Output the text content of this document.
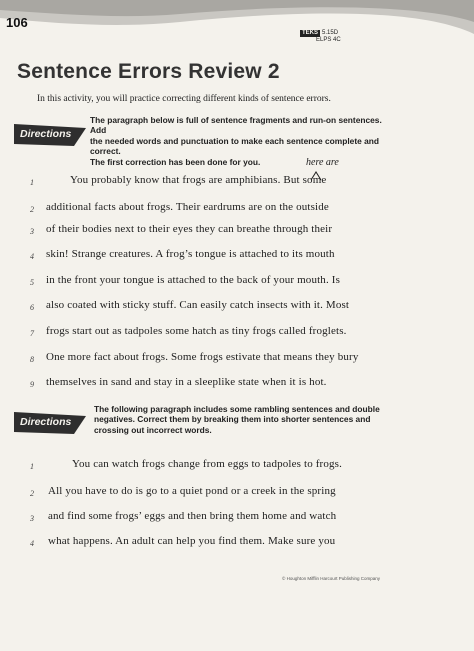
106
TEKS 5.15D
ELPS 4C
Sentence Errors Review 2
In this activity, you will practice correcting different kinds of sentence errors.
Directions
The paragraph below is full of sentence fragments and run-on sentences. Add
the needed words and punctuation to make each sentence complete and correct.
The first correction has been done for you.	here are
1	You probably know that frogs are amphibians. But some
2 additional facts about frogs. Their eardrums are on the outside
3 of their bodies next to their eyes they can breathe through their
4 skin! Strange creatures. A frog’s tongue is attached to its mouth
5 in the front your tongue is attached to the back of your mouth. Is
6 also coated with sticky stuff. Can easily catch insects with it. Most
7 frogs start out as tadpoles some hatch as tiny frogs called froglets.
8 One more fact about frogs. Some frogs estivate that means they bury
9 themselves in sand and stay in a sleeplike state when it is hot.
Directions
The following paragraph includes some rambling sentences and double
negatives. Correct them by breaking them into shorter sentences and
crossing out incorrect words.
1	You can watch frogs change from eggs to tadpoles to frogs.
2 All you have to do is go to a quiet pond or a creek in the spring
3 and find some frogs’ eggs and then bring them home and watch
4 what happens. An adult can help you find them. Make sure you
© Houghton Mifflin Harcourt Publishing Company
